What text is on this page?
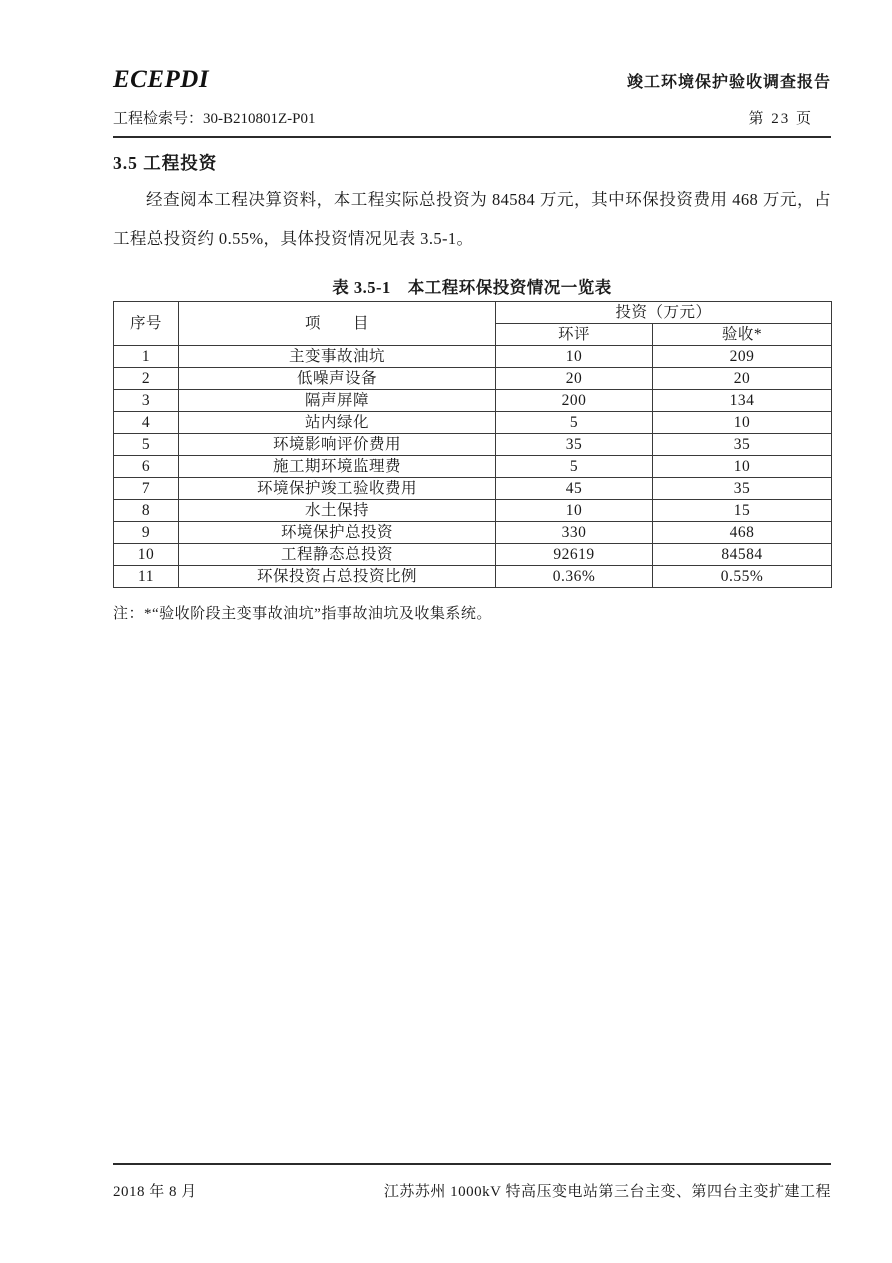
ECEPDI	竣工环境保护验收调查报告
工程检索号：30-B210801Z-P01	第 23 页
3.5 工程投资

经查阅本工程决算资料，本工程实际总投资为 84584 万元，其中环保投资费用 468 万元，占工程总投资约 0.55%，具体投资情况见表 3.5-1。

表 3.5-1　本工程环保投资情况一览表
序号	项　　目	投资（万元）	
		环评	验收*
1	主变事故油坑	10	209
2	低噪声设备	20	20
3	隔声屏障	200	134
4	站内绿化	5	10
5	环境影响评价费用	35	35
6	施工期环境监理费	5	10
7	环境保护竣工验收费用	45	35
8	水土保持	10	15
9	环境保护总投资	330	468
10	工程静态总投资	92619	84584
11	环保投资占总投资比例	0.36%	0.55%
注：*“验收阶段主变事故油坑”指事故油坑及收集系统。
2018 年 8 月	江苏苏州 1000kV 特高压变电站第三台主变、第四台主变扩建工程
